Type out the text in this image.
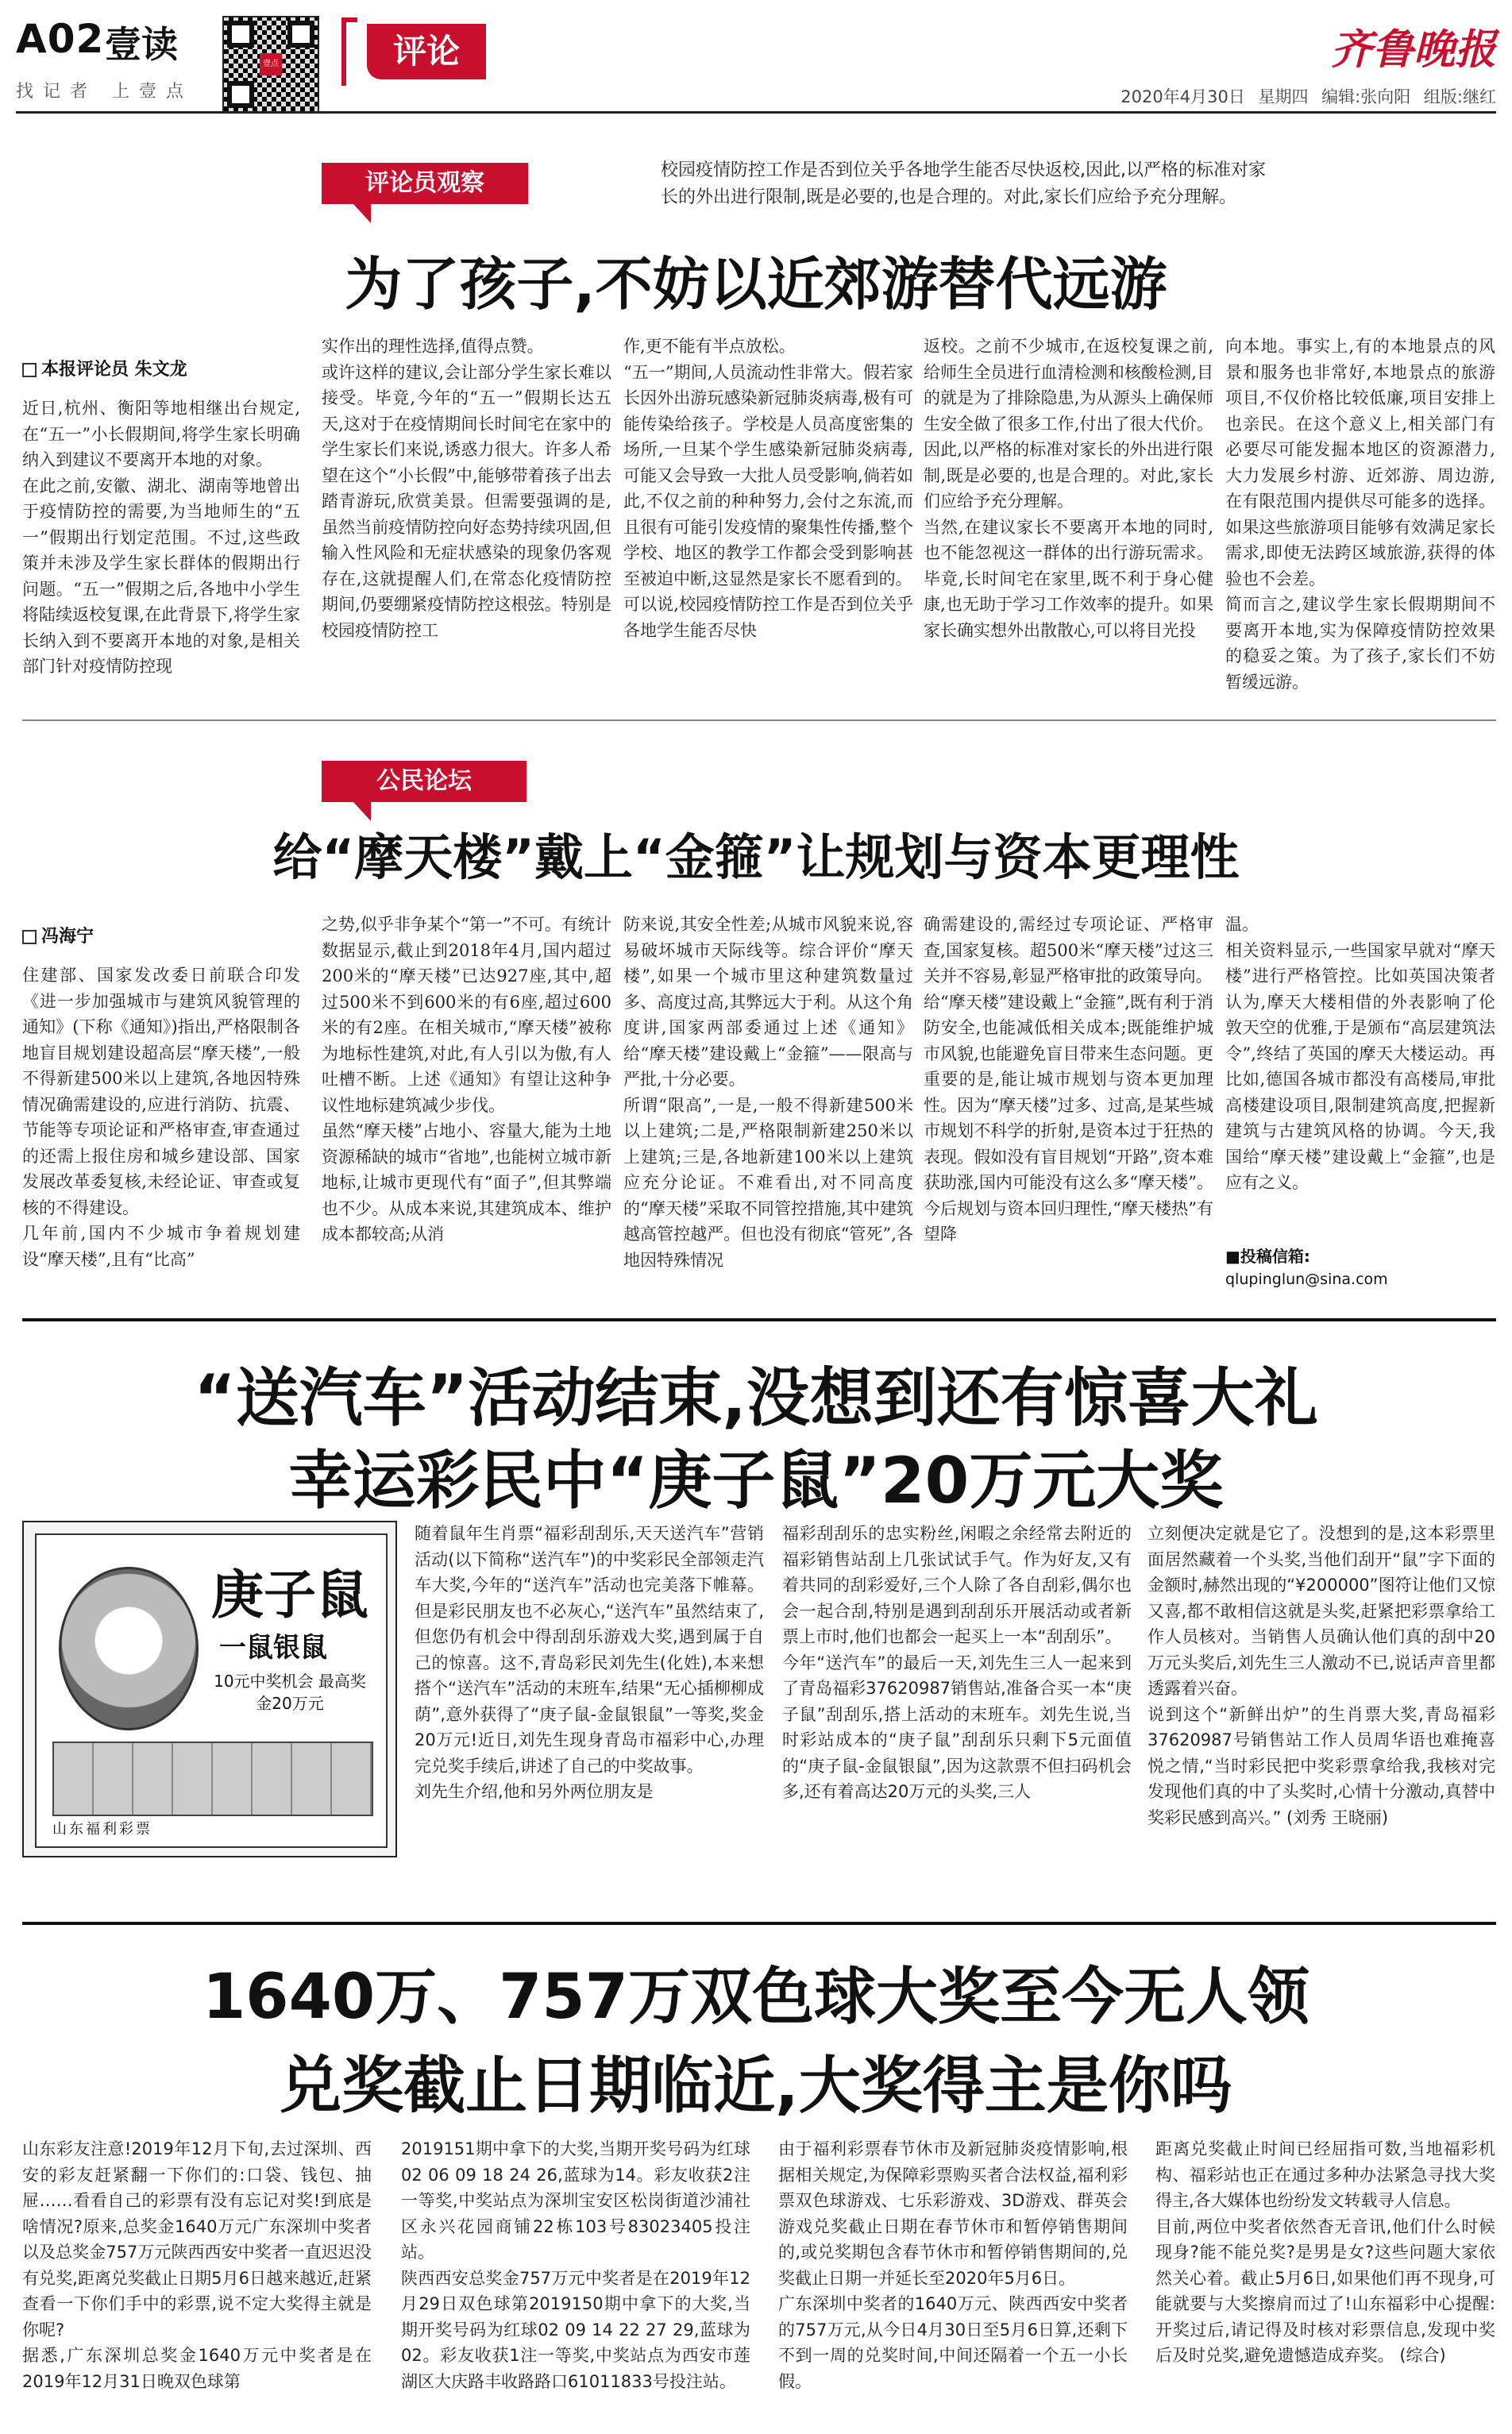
A02 壹读
找记者 上壹点
壹点	评论	齐鲁晚报
2020年4月30日 星期四 编辑:张向阳 组版:继红
评论员观察	校园疫情防控工作是否到位关乎各地学生能否尽快返校,因此,以严格的标准对家长的外出进行限制,既是必要的,也是合理的。对此,家长们应给予充分理解。
为了孩子,不妨以近郊游替代远游
本报评论员 朱文龙
近日,杭州、衡阳等地相继出台规定,在“五一”小长假期间,将学生家长明确纳入到建议不要离开本地的对象。
在此之前,安徽、湖北、湖南等地曾出于疫情防控的需要,为当地师生的“五一”假期出行划定范围。不过,这些政策并未涉及学生家长群体的假期出行问题。“五一”假期之后,各地中小学生将陆续返校复课,在此背景下,将学生家长纳入到不要离开本地的对象,是相关部门针对疫情防控现
实作出的理性选择,值得点赞。
或许这样的建议,会让部分学生家长难以接受。毕竟,今年的“五一”假期长达五天,这对于在疫情期间长时间宅在家中的学生家长们来说,诱惑力很大。许多人希望在这个“小长假”中,能够带着孩子出去踏青游玩,欣赏美景。但需要强调的是,虽然当前疫情防控向好态势持续巩固,但输入性风险和无症状感染的现象仍客观存在,这就提醒人们,在常态化疫情防控期间,仍要绷紧疫情防控这根弦。特别是校园疫情防控工
作,更不能有半点放松。
“五一”期间,人员流动性非常大。假若家长因外出游玩感染新冠肺炎病毒,极有可能传染给孩子。学校是人员高度密集的场所,一旦某个学生感染新冠肺炎病毒,可能又会导致一大批人员受影响,倘若如此,不仅之前的种种努力,会付之东流,而且很有可能引发疫情的聚集性传播,整个学校、地区的教学工作都会受到影响甚至被迫中断,这显然是家长不愿看到的。
可以说,校园疫情防控工作是否到位关乎各地学生能否尽快
返校。之前不少城市,在返校复课之前,给师生全员进行血清检测和核酸检测,目的就是为了排除隐患,为从源头上确保师生安全做了很多工作,付出了很大代价。因此,以严格的标准对家长的外出进行限制,既是必要的,也是合理的。对此,家长们应给予充分理解。
当然,在建议家长不要离开本地的同时,也不能忽视这一群体的出行游玩需求。毕竟,长时间宅在家里,既不利于身心健康,也无助于学习工作效率的提升。如果家长确实想外出散散心,可以将目光投
向本地。事实上,有的本地景点的风景和服务也非常好,本地景点的旅游项目,不仅价格比较低廉,项目安排上也亲民。在这个意义上,相关部门有必要尽可能发掘本地区的资源潜力,大力发展乡村游、近郊游、周边游,在有限范围内提供尽可能多的选择。如果这些旅游项目能够有效满足家长需求,即使无法跨区域旅游,获得的体验也不会差。
简而言之,建议学生家长假期期间不要离开本地,实为保障疫情防控效果的稳妥之策。为了孩子,家长们不妨暂缓远游。
公民论坛
给“摩天楼”戴上“金箍”让规划与资本更理性
冯海宁
住建部、国家发改委日前联合印发《进一步加强城市与建筑风貌管理的通知》(下称《通知》)指出,严格限制各地盲目规划建设超高层“摩天楼”,一般不得新建500米以上建筑,各地因特殊情况确需建设的,应进行消防、抗震、节能等专项论证和严格审查,审查通过的还需上报住房和城乡建设部、国家发展改革委复核,未经论证、审查或复核的不得建设。
几年前,国内不少城市争着规划建设“摩天楼”,且有“比高”
之势,似乎非争某个“第一”不可。有统计数据显示,截止到2018年4月,国内超过200米的“摩天楼”已达927座,其中,超过500米不到600米的有6座,超过600米的有2座。在相关城市,“摩天楼”被称为地标性建筑,对此,有人引以为傲,有人吐槽不断。上述《通知》有望让这种争议性地标建筑减少步伐。
虽然“摩天楼”占地小、容量大,能为土地资源稀缺的城市“省地”,也能树立城市新地标,让城市更现代有“面子”,但其弊端也不少。从成本来说,其建筑成本、维护成本都较高;从消
防来说,其安全性差;从城市风貌来说,容易破坏城市天际线等。综合评价“摩天楼”,如果一个城市里这种建筑数量过多、高度过高,其弊远大于利。从这个角度讲,国家两部委通过上述《通知》给“摩天楼”建设戴上“金箍”——限高与严批,十分必要。
所谓“限高”,一是,一般不得新建500米以上建筑;二是,严格限制新建250米以上建筑;三是,各地新建100米以上建筑应充分论证。不难看出,对不同高度的“摩天楼”采取不同管控措施,其中建筑越高管控越严。但也没有彻底“管死”,各地因特殊情况
确需建设的,需经过专项论证、严格审查,国家复核。超500米“摩天楼”过这三关并不容易,彰显严格审批的政策导向。
给“摩天楼”建设戴上“金箍”,既有利于消防安全,也能减低相关成本;既能维护城市风貌,也能避免盲目带来生态问题。更重要的是,能让城市规划与资本更加理性。因为“摩天楼”过多、过高,是某些城市规划不科学的折射,是资本过于狂热的表现。假如没有盲目规划“开路”,资本难获助涨,国内可能没有这么多“摩天楼”。今后规划与资本回归理性,“摩天楼热”有望降
温。
相关资料显示,一些国家早就对“摩天楼”进行严格管控。比如英国决策者认为,摩天大楼相借的外表影响了伦敦天空的优雅,于是颁布“高层建筑法令”,终结了英国的摩天大楼运动。再比如,德国各城市都没有高楼局,审批高楼建设项目,限制建筑高度,把握新建筑与古建筑风格的协调。今天,我国给“摩天楼”建设戴上“金箍”,也是应有之义。
■投稿信箱:
qlupinglun@sina.com
“送汽车”活动结束,没想到还有惊喜大礼
幸运彩民中“庚子鼠”20万元大奖
庚子鼠
一鼠银鼠
10元中奖机会 最高奖金20万元
山东福利彩票
随着鼠年生肖票“福彩刮刮乐,天天送汽车”营销活动(以下简称“送汽车”)的中奖彩民全部领走汽车大奖,今年的“送汽车”活动也完美落下帷幕。但是彩民朋友也不必灰心,“送汽车”虽然结束了,但您仍有机会中得刮刮乐游戏大奖,遇到属于自己的惊喜。这不,青岛彩民刘先生(化姓),本来想搭个“送汽车”活动的末班车,结果“无心插柳柳成荫”,意外获得了“庚子鼠-金鼠银鼠”一等奖,奖金20万元!近日,刘先生现身青岛市福彩中心,办理完兑奖手续后,讲述了自己的中奖故事。
刘先生介绍,他和另外两位朋友是
福彩刮刮乐的忠实粉丝,闲暇之余经常去附近的福彩销售站刮上几张试试手气。作为好友,又有着共同的刮彩爱好,三个人除了各自刮彩,偶尔也会一起合刮,特别是遇到刮刮乐开展活动或者新票上市时,他们也都会一起买上一本“刮刮乐”。
今年“送汽车”的最后一天,刘先生三人一起来到了青岛福彩37620987销售站,准备合买一本“庚子鼠”刮刮乐,搭上活动的末班车。刘先生说,当时彩站成本的“庚子鼠”刮刮乐只剩下5元面值的“庚子鼠-金鼠银鼠”,因为这款票不但扫码机会多,还有着高达20万元的头奖,三人
立刻便决定就是它了。没想到的是,这本彩票里面居然藏着一个头奖,当他们刮开“鼠”字下面的金额时,赫然出现的“¥200000”图符让他们又惊又喜,都不敢相信这就是头奖,赶紧把彩票拿给工作人员核对。当销售人员确认他们真的刮中20万元头奖后,刘先生三人激动不已,说话声音里都透露着兴奋。
说到这个“新鲜出炉”的生肖票大奖,青岛福彩37620987号销售站工作人员周华语也难掩喜悦之情,“当时彩民把中奖彩票拿给我,我核对完发现他们真的中了头奖时,心情十分激动,真替中奖彩民感到高兴。” (刘秀 王晓丽)
1640万、757万双色球大奖至今无人领
兑奖截止日期临近,大奖得主是你吗
山东彩友注意!2019年12月下旬,去过深圳、西安的彩友赶紧翻一下你们的:口袋、钱包、抽屉……看看自己的彩票有没有忘记对奖!到底是啥情况?原来,总奖金1640万元广东深圳中奖者以及总奖金757万元陕西西安中奖者一直迟迟没有兑奖,距离兑奖截止日期5月6日越来越近,赶紧查看一下你们手中的彩票,说不定大奖得主就是你呢?
据悉,广东深圳总奖金1640万元中奖者是在2019年12月31日晚双色球第
2019151期中拿下的大奖,当期开奖号码为红球02 06 09 18 24 26,蓝球为14。彩友收获2注一等奖,中奖站点为深圳宝安区松岗街道沙浦社区永兴花园商铺22栋103号83023405投注站。
陕西西安总奖金757万元中奖者是在2019年12月29日双色球第2019150期中拿下的大奖,当期开奖号码为红球02 09 14 22 27 29,蓝球为02。彩友收获1注一等奖,中奖站点为西安市莲湖区大庆路丰收路路口61011833号投注站。
由于福利彩票春节休市及新冠肺炎疫情影响,根据相关规定,为保障彩票购买者合法权益,福利彩票双色球游戏、七乐彩游戏、3D游戏、群英会游戏兑奖截止日期在春节休市和暂停销售期间的,或兑奖期包含春节休市和暂停销售期间的,兑奖截止日期一并延长至2020年5月6日。
广东深圳中奖者的1640万元、陕西西安中奖者的757万元,从今日4月30日至5月6日算,还剩下不到一周的兑奖时间,中间还隔着一个五一小长假。
距离兑奖截止时间已经屈指可数,当地福彩机构、福彩站也正在通过多种办法紧急寻找大奖得主,各大媒体也纷纷发文转载寻人信息。
目前,两位中奖者依然杳无音讯,他们什么时候现身?能不能兑奖?是男是女?这些问题大家依然关心着。截止5月6日,如果他们再不现身,可能就要与大奖擦肩而过了!山东福彩中心提醒:开奖过后,请记得及时核对彩票信息,发现中奖后及时兑奖,避免遗憾造成弃奖。 (综合)
